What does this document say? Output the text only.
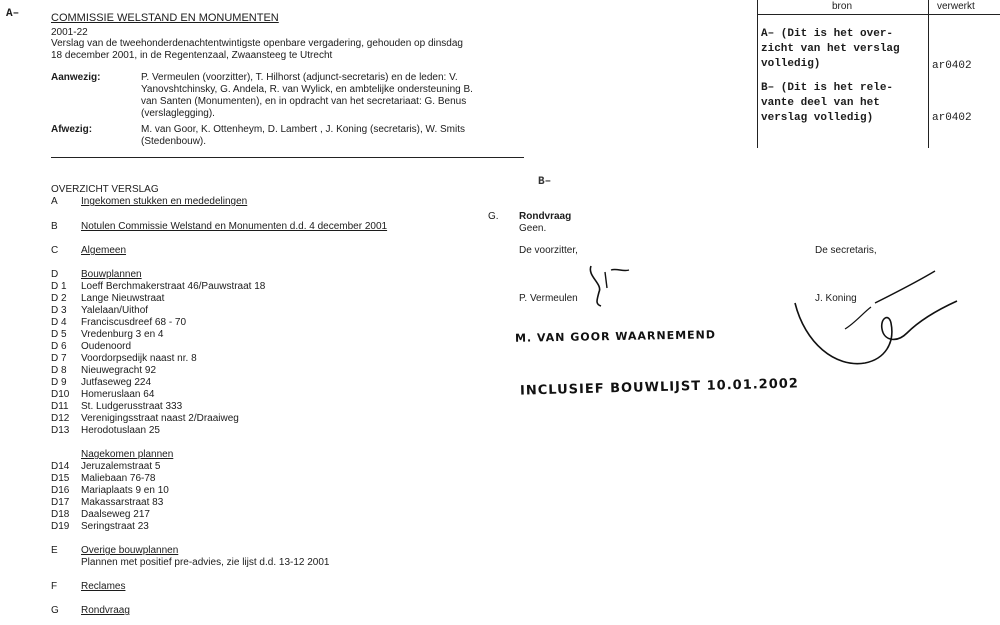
A–
B–
COMMISSIE WELSTAND EN MONUMENTEN
2001-22
Verslag van de tweehonderdenachtentwintigste openbare vergadering, gehouden op dinsdag
18 december 2001, in de Regentenzaal, Zwaansteeg te Utrecht
Aanwezig:	P. Vermeulen (voorzitter), T. Hilhorst (adjunct-secretaris) en de leden: V.
Yanovshtchinsky, G. Andela, R. van Wylick, en ambtelijke ondersteuning B.
van Santen (Monumenten), en in opdracht van het secretariaat: G. Benus
(verslaglegging).
Afwezig:	M. van Goor, K. Ottenheym, D. Lambert , J. Koning (secretaris), W. Smits
(Stedenbouw).
OVERZICHT VERSLAG
A Ingekomen stukken en mededelingen
B Notulen Commissie Welstand en Monumenten d.d. 4 december 2001
C Algemeen
D Bouwplannen
D 1 Loeff Berchmakerstraat 46/Pauwstraat 18
D 2 Lange Nieuwstraat
D 3 Yalelaan/Uithof
D 4 Franciscusdreef 68 - 70
D 5 Vredenburg 3 en 4
D 6 Oudenoord
D 7 Voordorpsedijk naast nr. 8
D 8 Nieuwegracht 92
D 9 Jutfaseweg 224
D10 Homeruslaan 64
D11 St. Ludgerusstraat 333
D12 Verenigingsstraat naast 2/Draaiweg
D13 Herodotuslaan 25
Nagekomen plannen
D14 Jeruzalemstraat 5
D15 Maliebaan 76-78
D16 Mariaplaats 9 en 10
D17 Makassarstraat 83
D18 Daalseweg 217
D19 Seringstraat 23
E Overige bouwplannen
Plannen met positief pre-advies, zie lijst d.d. 13-12 2001
F Reclames
G Rondvraag
G. Rondvraag
Geen.
De voorzitter,	De secretaris,
P. Vermeulen	J. Koning
M. VAN GOOR WAARNEMEND
INCLUSIEF BOUWLIJST 10.01.2002
bron	verwerkt
A– (Dit is het over-
zicht van het verslag
volledig)	ar0402
B– (Dit is het rele-
vante deel van het
verslag volledig)	ar0402
